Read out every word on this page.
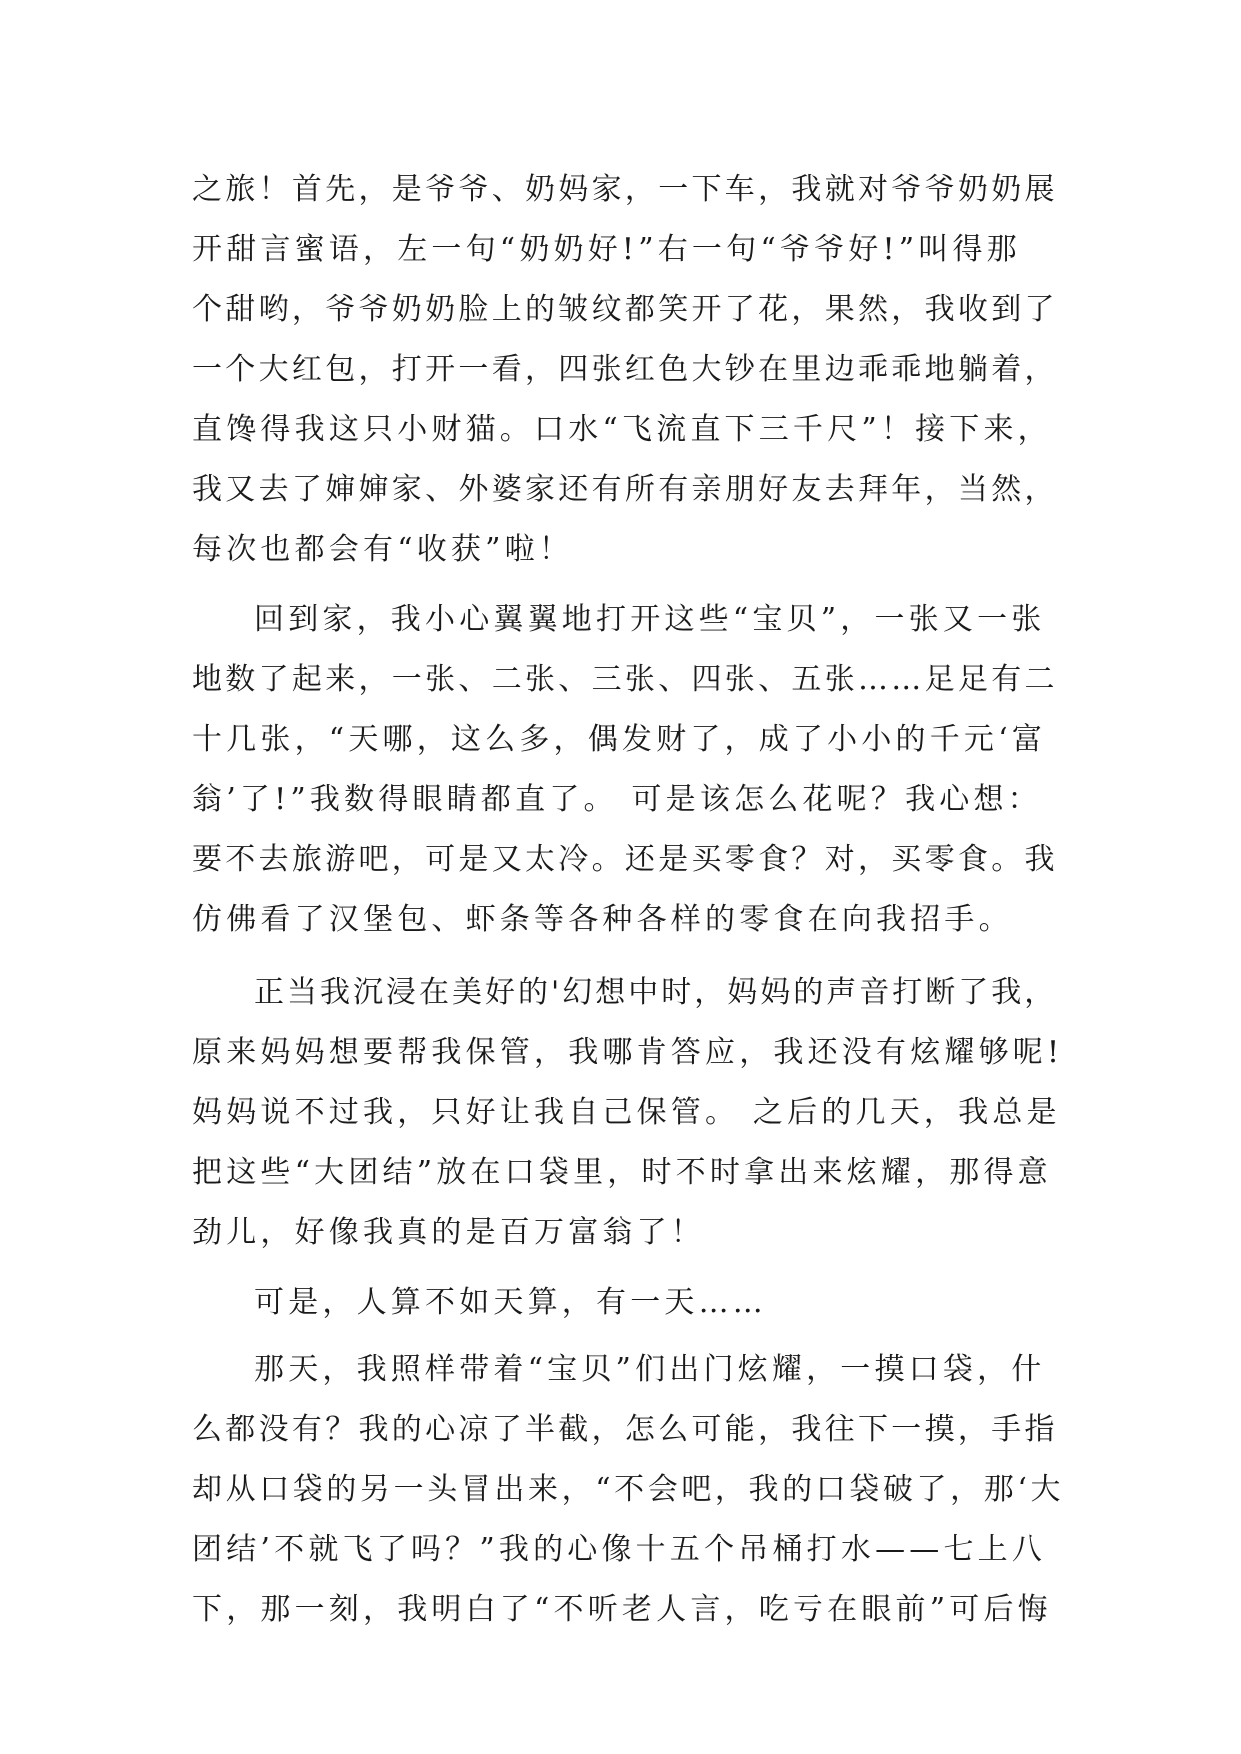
之旅！首先，是爷爷、奶妈家，一下车，我就对爷爷奶奶展
开甜言蜜语，左一句“奶奶好!”右一句“爷爷好!”叫得那
个甜哟，爷爷奶奶脸上的皱纹都笑开了花，果然，我收到了
一个大红包，打开一看，四张红色大钞在里边乖乖地躺着，
直馋得我这只小财猫。口水“飞流直下三千尺”！接下来，
我又去了婶婶家、外婆家还有所有亲朋好友去拜年，当然，
每次也都会有“收获”啦！
回到家，我小心翼翼地打开这些“宝贝”，一张又一张
地数了起来，一张、二张、三张、四张、五张……足足有二
十几张，“天哪，这么多，偶发财了，成了小小的千元‘富
翁’了!”我数得眼睛都直了。 可是该怎么花呢？我心想：
要不去旅游吧，可是又太冷。还是买零食？对，买零食。我
仿佛看了汉堡包、虾条等各种各样的零食在向我招手。
正当我沉浸在美好的'幻想中时，妈妈的声音打断了我，
原来妈妈想要帮我保管，我哪肯答应，我还没有炫耀够呢!
妈妈说不过我，只好让我自己保管。 之后的几天，我总是
把这些“大团结”放在口袋里，时不时拿出来炫耀，那得意
劲儿，好像我真的是百万富翁了！
可是，人算不如天算，有一天……
那天，我照样带着“宝贝”们出门炫耀，一摸口袋，什
么都没有？我的心凉了半截，怎么可能，我往下一摸，手指
却从口袋的另一头冒出来，“不会吧，我的口袋破了，那‘大
团结’不就飞了吗？”我的心像十五个吊桶打水——七上八
下，那一刻，我明白了“不听老人言，吃亏在眼前”可后悔
